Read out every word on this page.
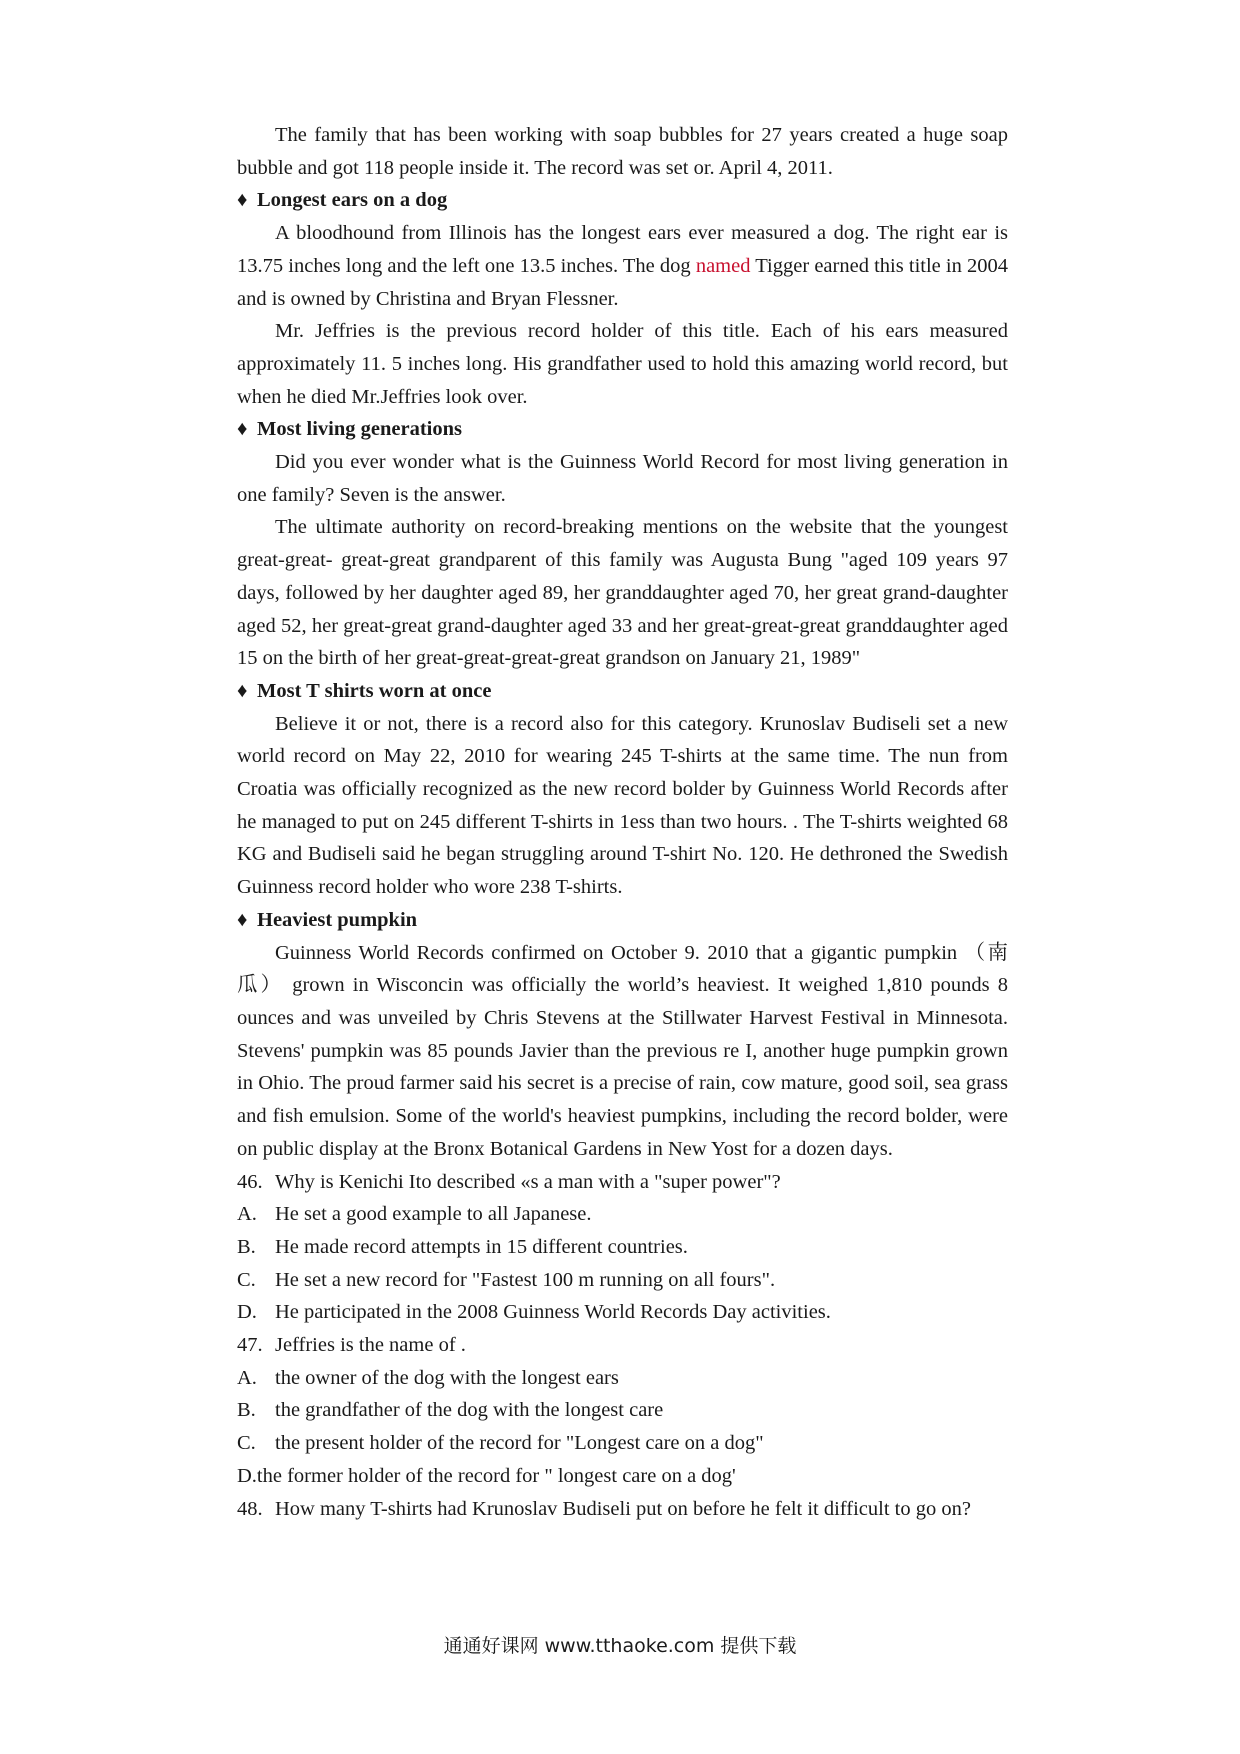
The family that has been working with soap bubbles for 27 years created a huge soap bubble and got 118 people inside it. The record was set or. April 4, 2011.

♦ Longest ears on a dog

A bloodhound from Illinois has the longest ears ever measured a dog. The right ear is 13.75 inches long and the left one 13.5 inches. The dog named Tigger earned this title in 2004 and is owned by Christina and Bryan Flessner.

Mr. Jeffries is the previous record holder of this title. Each of his ears measured approximately 11. 5 inches long. His grandfather used to hold this amazing world record, but when he died Mr.Jeffries look over.

♦ Most living generations

Did you ever wonder what is the Guinness World Record for most living generation in one family? Seven is the answer.

The ultimate authority on record-breaking mentions on the website that the youngest great-great- great-great grandparent of this family was Augusta Bung "aged 109 years 97 days, followed by her daughter aged 89, her granddaughter aged 70, her great grand-daughter aged 52, her great-great grand-daughter aged 33 and her great-great-great granddaughter aged 15 on the birth of her great-great-great-great grandson on January 21, 1989"

♦ Most T shirts worn at once

Believe it or not, there is a record also for this category. Krunoslav Budiseli set a new world record on May 22, 2010 for wearing 245 T-shirts at the same time. The nun from Croatia was officially recognized as the new record bolder by Guinness World Records after he managed to put on 245 different T-shirts in 1ess than two hours. . The T-shirts weighted 68 KG and Budiseli said he began struggling around T-shirt No. 120. He dethroned the Swedish Guinness record holder who wore 238 T-shirts.

♦ Heaviest pumpkin

Guinness World Records confirmed on October 9. 2010 that a gigantic pumpkin （南瓜） grown in Wisconcin was officially the world’s heaviest. It weighed 1,810 pounds 8 ounces and was unveiled by Chris Stevens at the Stillwater Harvest Festival in Minnesota. Stevens' pumpkin was 85 pounds Javier than the previous re I, another huge pumpkin grown in Ohio. The proud farmer said his secret is a precise of rain, cow mature, good soil, sea grass and fish emulsion. Some of the world's heaviest pumpkins, including the record bolder, were on public display at the Bronx Botanical Gardens in New Yost for a dozen days.

46. Why is Kenichi Ito described «s a man with a "super power"?

A. He set a good example to all Japanese.

B. He made record attempts in 15 different countries.

C. He set a new record for "Fastest 100 m running on all fours".

D. He participated in the 2008 Guinness World Records Day activities.

47. Jeffries is the name of .

A. the owner of the dog with the longest ears

B. the grandfather of the dog with the longest care

C. the present holder of the record for "Longest care on a dog"

D.the former holder of the record for " longest care on a dog'

48. How many T-shirts had Krunoslav Budiseli put on before he felt it difficult to go on?

通通好课网 www.tthaoke.com 提供下载
